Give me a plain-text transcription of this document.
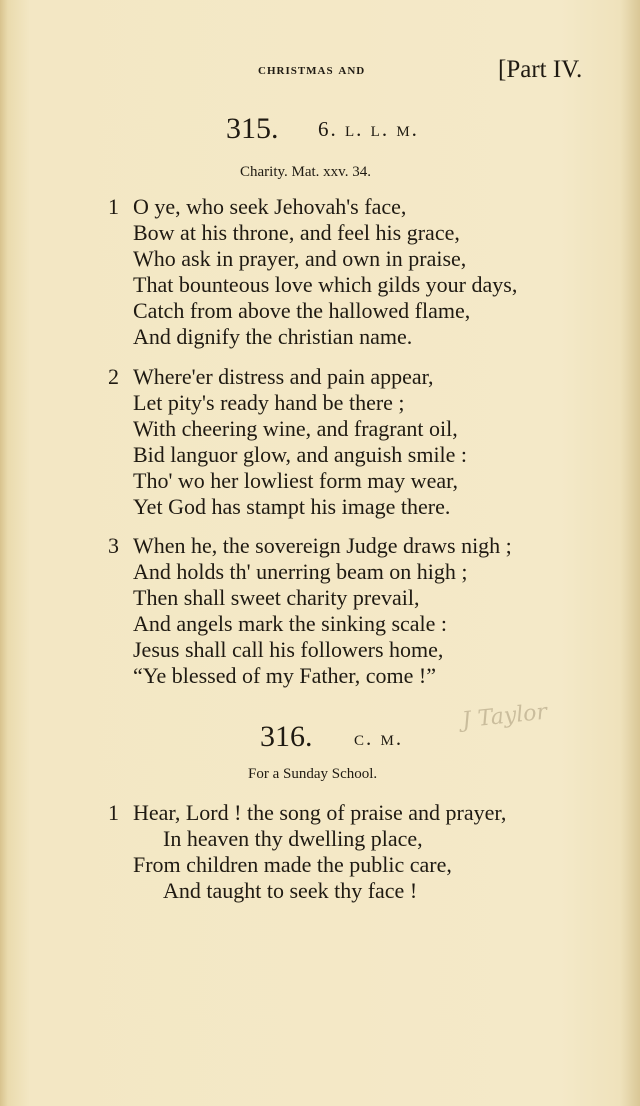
christmas and	[Part IV.
315. 6. l. l. m.
Charity. Mat. xxv. 34.
1 O ye, who seek Jehovah's face,
Bow at his throne, and feel his grace,
Who ask in prayer, and own in praise,
That bounteous love which gilds your days,
Catch from above the hallowed flame,
And dignify the christian name.
2 Where'er distress and pain appear,
Let pity's ready hand be there ;
With cheering wine, and fragrant oil,
Bid languor glow, and anguish smile :
Tho' wo her lowliest form may wear,
Yet God has stampt his image there.
3 When he, the sovereign Judge draws nigh ;
And holds th' unerring beam on high ;
Then shall sweet charity prevail,
And angels mark the sinking scale :
Jesus shall call his followers home,
“Ye blessed of my Father, come !”
316. c. m.
For a Sunday School.
J Taylor
1 Hear, Lord ! the song of praise and prayer,
In heaven thy dwelling place,
From children made the public care,
And taught to seek thy face !
